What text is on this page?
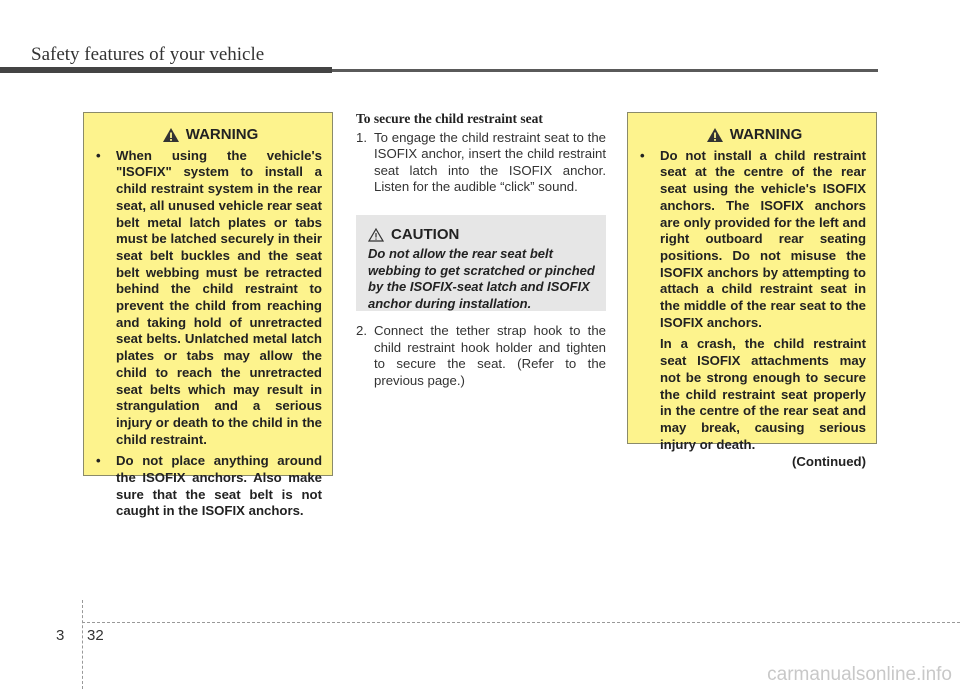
Safety features of your vehicle
WARNING
•	When using the vehicle's "ISOFIX" system to install a child restraint system in the rear seat, all unused vehicle rear seat belt metal latch plates or tabs must be latched securely in their seat belt buckles and the seat belt webbing must be retracted behind the child restraint to prevent the child from reaching and taking hold of unretracted seat belts. Unlatched metal latch plates or tabs may allow the child to reach the unretracted seat belts which may result in strangulation and a serious injury or death to the child in the child restraint.
•	Do not place anything around the ISOFIX anchors. Also make sure that the seat belt is not caught in the ISOFIX anchors.
To secure the child restraint seat
1. To engage the child restraint seat to the ISOFIX anchor, insert the child restraint seat latch into the ISOFIX anchor. Listen for the audible “click” sound.
CAUTION
Do not allow the rear seat belt webbing to get scratched or pinched by the ISOFIX-seat latch and ISOFIX anchor during installation.
2. Connect the tether strap hook to the child restraint hook holder and tighten to secure the seat. (Refer to the previous page.)
WARNING
•	Do not install a child restraint seat at the centre of the rear seat using the vehicle's ISOFIX anchors. The ISOFIX anchors are only provided for the left and right outboard rear seating positions. Do not misuse the ISOFIX anchors by attempting to attach a child restraint seat in the middle of the rear seat to the ISOFIX anchors.
In a crash, the child restraint seat ISOFIX attachments may not be strong enough to secure the child restraint seat properly in the centre of the rear seat and may break, causing serious injury or death.
(Continued)
3 32
carmanualsonline.info
